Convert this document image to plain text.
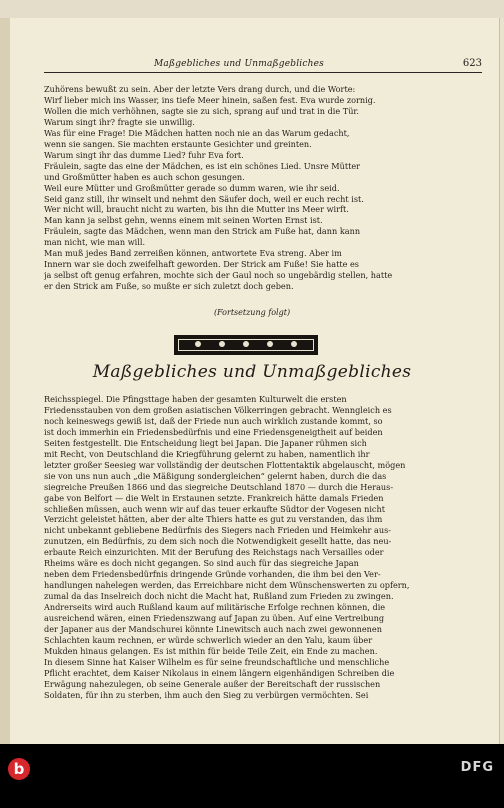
Maßgebliches und Unmaßgebliches	623
Zuhörens bewußt zu sein. Aber der letzte Vers drang durch, und die Worte:
Wirf lieber mich ins Wasser, ins tiefe Meer hinein, saßen fest. Eva wurde zornig.
Wollen die mich verhöhnen, sagte sie zu sich, sprang auf und trat in die Tür.
Warum singt ihr? fragte sie unwillig.
Was für eine Frage! Die Mädchen hatten noch nie an das Warum gedacht,
wenn sie sangen. Sie machten erstaunte Gesichter und greinten.
Warum singt ihr das dumme Lied? fuhr Eva fort.
Fräulein, sagte das eine der Mädchen, es ist ein schönes Lied. Unsre Mütter
und Großmütter haben es auch schon gesungen.
Weil eure Mütter und Großmütter gerade so dumm waren, wie ihr seid.
Seid ganz still, ihr winselt und nehmt den Säufer doch, weil er euch recht ist.
Wer nicht will, braucht nicht zu warten, bis ihn die Mutter ins Meer wirft.
Man kann ja selbst gehn, wenns einem mit seinen Worten Ernst ist.
Fräulein, sagte das Mädchen, wenn man den Strick am Fuße hat, dann kann
man nicht, wie man will.
Man muß jedes Band zerreißen können, antwortete Eva streng. Aber im
Innern war sie doch zweifelhaft geworden. Der Strick am Fuße! Sie hatte es
ja selbst oft genug erfahren, mochte sich der Gaul noch so ungebärdig stellen, hatte
er den Strick am Fuße, so mußte er sich zuletzt doch geben.
(Fortsetzung folgt)
Maßgebliches und Unmaßgebliches
Reichsspiegel. Die Pfingsttage haben der gesamten Kulturwelt die ersten
Friedensstauben von dem großen asiatischen Völkerringen gebracht. Wenngleich es
noch keineswegs gewiß ist, daß der Friede nun auch wirklich zustande kommt, so
ist doch immerhin ein Friedensbedürfnis und eine Friedensgeneigtheit auf beiden
Seiten festgestellt. Die Entscheidung liegt bei Japan. Die Japaner rühmen sich
mit Recht, von Deutschland die Kriegführung gelernt zu haben, namentlich ihr
letzter großer Seesieg war vollständig der deutschen Flottentaktik abgelauscht, mögen
sie von uns nun auch „die Mäßigung sondergleichen“ gelernt haben, durch die das
siegreiche Preußen 1866 und das siegreiche Deutschland 1870 — durch die Heraus-
gabe von Belfort — die Welt in Erstaunen setzte. Frankreich hätte damals Frieden
schließen müssen, auch wenn wir auf das teuer erkaufte Südtor der Vogesen nicht
Verzicht geleistet hätten, aber der alte Thiers hatte es gut zu verstanden, das ihm
nicht unbekannt gebliebene Bedürfnis des Siegers nach Frieden und Heimkehr aus-
zunutzen, ein Bedürfnis, zu dem sich noch die Notwendigkeit gesellt hatte, das neu-
erbaute Reich einzurichten. Mit der Berufung des Reichstags nach Versailles oder
Rheims wäre es doch nicht gegangen. So sind auch für das siegreiche Japan
neben dem Friedensbedürfnis dringende Gründe vorhanden, die ihm bei den Ver-
handlungen nahelegen werden, das Erreichbare nicht dem Wünschenswerten zu opfern,
zumal da das Inselreich doch nicht die Macht hat, Rußland zum Frieden zu zwingen.
Andrerseits wird auch Rußland kaum auf militärische Erfolge rechnen können, die
ausreichend wären, einen Friedenszwang auf Japan zu üben. Auf eine Vertreibung
der Japaner aus der Mandschurei könnte Linewitsch auch nach zwei gewonnenen
Schlachten kaum rechnen, er würde schwerlich wieder an den Yalu, kaum über
Mukden hinaus gelangen. Es ist mithin für beide Teile Zeit, ein Ende zu machen.
In diesem Sinne hat Kaiser Wilhelm es für seine freundschaftliche und menschliche
Pflicht erachtet, dem Kaiser Nikolaus in einem längern eigenhändigen Schreiben die
Erwägung nahezulegen, ob seine Generale außer der Bereitschaft der russischen
Soldaten, für ihn zu sterben, ihm auch den Sieg zu verbürgen vermöchten. Sei
b	DFG
